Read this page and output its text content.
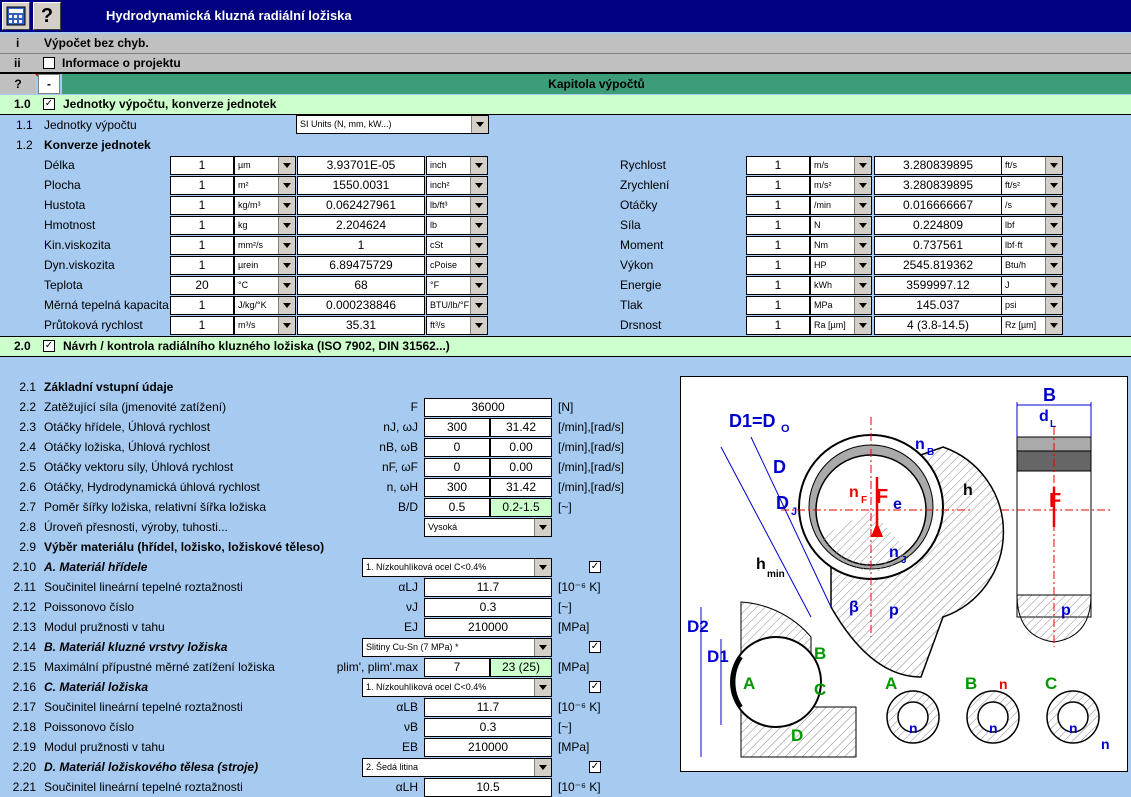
?	Hydrodynamická kluzná radiální ložiska
i Výpočet bez chyb.
ii	Informace o projektu
?	-	Kapitola výpočtů
1.0 ✓ Jednotky výpočtu, konverze jednotek
1.1 Jednotky výpočtu	SI Units (N, mm, kW...)
1.2 Konverze jednotek
Délka	1	µm	3.93701E-05	inch
Plocha	1	m²	1550.0031	inch²
Hustota	1	kg/m³	0.062427961	lb/ft³
Hmotnost	1	kg	2.204624	lb
Kin.viskozita	1	mm²/s	1	cSt
Dyn.viskozita	1	µrein	6.89475729	cPoise
Teplota	20	°C	68	°F
Měrná tepelná kapacita	1	J/kg/°K	0.000238846	BTU/lb/°F
Průtoková rychlost	1	m³/s	35.31	ft³/s
Rychlost	1	m/s	3.280839895	ft/s
Zrychlení	1	m/s²	3.280839895	ft/s²
Otáčky	1	/min	0.016666667	/s
Síla	1	N	0.224809	lbf
Moment	1	Nm	0.737561	lbf·ft
Výkon	1	HP	2545.819362	Btu/h
Energie	1	kWh	3599997.12	J
Tlak	1	MPa	145.037	psi
Drsnost	1	Ra [µm]	4 (3.8-14.5)	Rz [µm]
2.0 ✓ Návrh / kontrola radiálního kluzného ložiska (ISO 7902, DIN 31562...)
2.1 Základní vstupní údaje
2.2 Zatěžující síla (jmenovité zatížení)	F	36000	[N]
2.3 Otáčky hřídele, Úhlová rychlost	nJ, ωJ	300	31.42	[/min],[rad/s]
2.4 Otáčky ložiska, Úhlová rychlost	nB, ωB	0	0.00	[/min],[rad/s]
2.5 Otáčky vektoru síly, Úhlová rychlost	nF, ωF	0	0.00	[/min],[rad/s]
2.6 Otáčky, Hydrodynamická úhlová rychlost	n, ωH	300	31.42	[/min],[rad/s]
2.7 Poměr šířky ložiska, relativní šířka ložiska	B/D	0.5	0.2-1.5	[~]
2.8 Úroveň přesnosti, výroby, tuhosti...	Vysoká
2.9 Výběr materiálu (hřídel, ložisko, ložiskové těleso)
2.10 A. Materiál hřídele	1. Nízkouhlíková ocel C<0.4%	✓
2.11 Součinitel lineární tepelné roztažnosti	αLJ	11.7	[10⁻⁶ K]
2.12 Poissonovo číslo	νJ	0.3	[~]
2.13 Modul pružnosti v tahu	EJ	210000	[MPa]
2.14 B. Materiál kluzné vrstvy ložiska	Slitiny Cu-Sn (7 MPa) *	✓
2.15 Maximální přípustné měrné zatížení ložiska	plim', plim'.max	7	23 (25)	[MPa]
2.16 C. Materiál ložiska	1. Nízkouhlíková ocel C<0.4%	✓
2.17 Součinitel lineární tepelné roztažnosti	αLB	11.7	[10⁻⁶ K]
2.18 Poissonovo číslo	νB	0.3	[~]
2.19 Modul pružnosti v tahu	EB	210000	[MPa]
2.20 D. Materiál ložiskového tělesa (stroje)	2. Šedá litina	✓
2.21 Součinitel lineární tepelné roztažnosti	αLH	10.5	[10⁻⁶ K]
D1=D O
D
D J
n B
n F F e
h
n J
h
min
β p
B
d L
F
p
D2
D1
A
B
C
D
A	B	C
n	n	n
n
n
